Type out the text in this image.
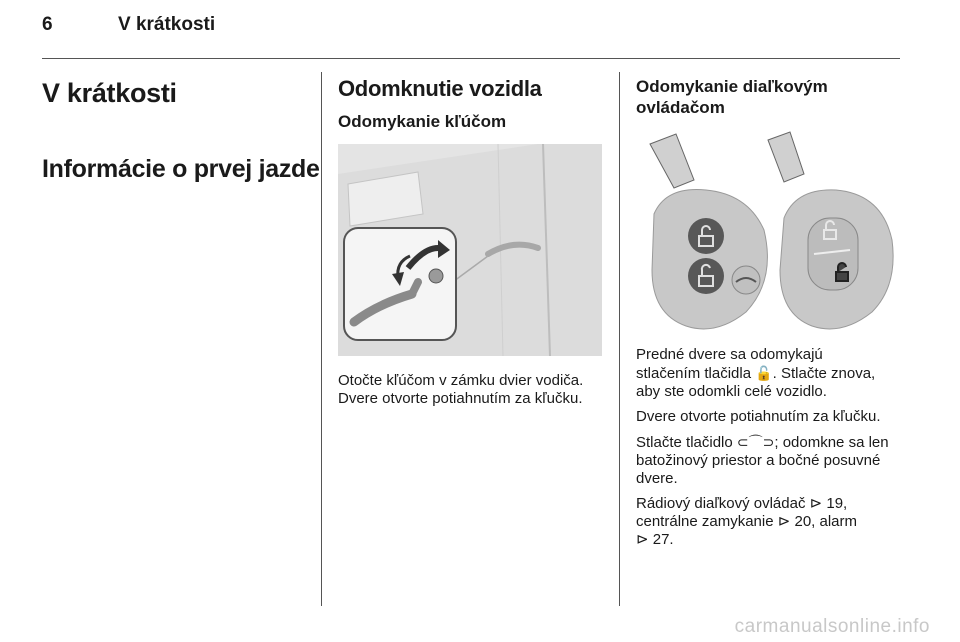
6	V krátkosti
V krátkosti
Informácie o prvej jazde
Odomknutie vozidla
Odomykanie kľúčom
Otočte kľúčom v zámku dvier vodiča.
Dvere otvorte potiahnutím za kľučku.
Odomykanie diaľkovým
ovládačom
Predné dvere sa odomykajú
stlačením tlačidla 🔓. Stlačte znova,
aby ste odomkli celé vozidlo.
Dvere otvorte potiahnutím za kľučku.
Stlačte tlačidlo ⊂⌒⊃; odomkne sa len
batožinový priestor a bočné posuvné
dvere.
Rádiový diaľkový ovládač ⊳ 19,
centrálne zamykanie ⊳ 20, alarm
⊳ 27.
carmanualsonline.info
